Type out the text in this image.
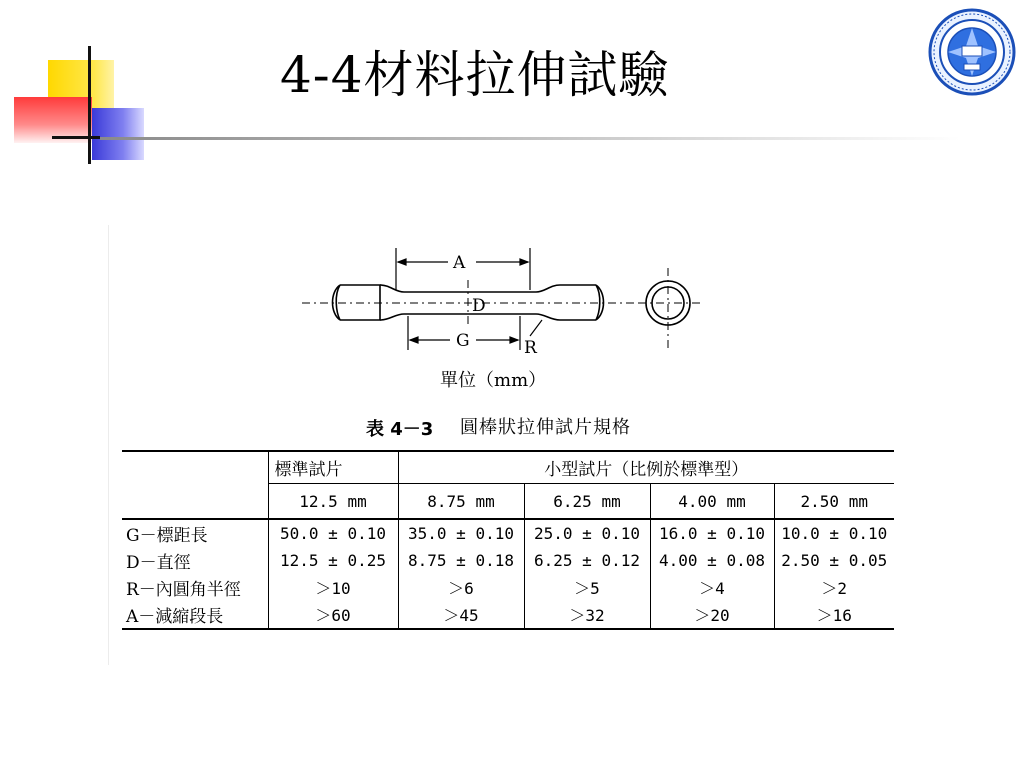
4-4材料拉伸試驗
A
D
G	R
單位（mm）
表 4－3 圓棒狀拉伸試片規格
	標準試片	小型試片（比例於標準型）			
	12.5 mm	8.75 mm	6.25 mm	4.00 mm	2.50 mm
G－標距長	50.0 ± 0.10	35.0 ± 0.10	25.0 ± 0.10	16.0 ± 0.10	10.0 ± 0.10
D－直徑	12.5 ± 0.25	8.75 ± 0.18	6.25 ± 0.12	4.00 ± 0.08	2.50 ± 0.05
R－內圓角半徑	＞10	＞6	＞5	＞4	＞2
A－減縮段長	＞60	＞45	＞32	＞20	＞16
